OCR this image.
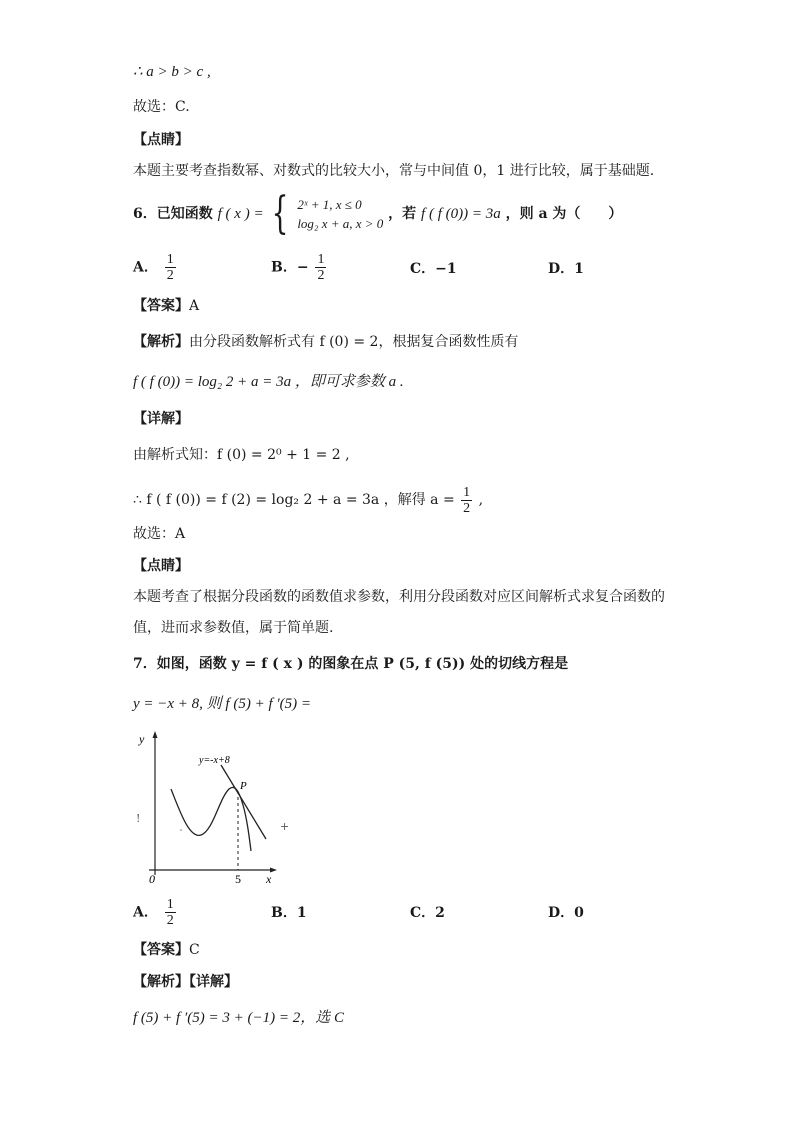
∴ a > b > c ,
故选：C.
【点睛】
本题主要考查指数幂、对数式的比较大小，常与中间值 0，1 进行比较，属于基础题.
6．已知函数 f ( x ) = { 2ˣ + 1, x ≤ 0
log₂ x + a, x > 0
，若 f ( f (0)) = 3a ，则 a 为（　　）
A． $\frac{1}{2}$	B．− $\frac{1}{2}$	C．−1	D．1
【答案】A
【解析】由分段函数解析式有 f (0) = 2，根据复合函数性质有
f ( f (0)) = log₂ 2 + a = 3a ，即可求参数 a .
【详解】
由解析式知：f (0) = 2⁰ + 1 = 2 ,
∴ f ( f (0)) = f (2) = log₂ 2 + a = 3a ，解得 $a = \frac{1}{2}$ ,
故选：A
【点睛】
本题考查了根据分段函数的函数值求参数，利用分段函数对应区间解析式求复合函数的
值，进而求参数值，属于简单题.
7．如图，函数 y = f ( x ) 的图象在点 P (5, f (5)) 处的切线方程是
y = −x + 8, 则 f (5) + f ′(5) =
y
x
0	5
y=-x+8
P
!
+
A． $\frac{1}{2}$	B．1	C．2	D．0
【答案】C
【解析】【详解】
f (5) + f ′(5) = 3 + (−1) = 2，选 C
